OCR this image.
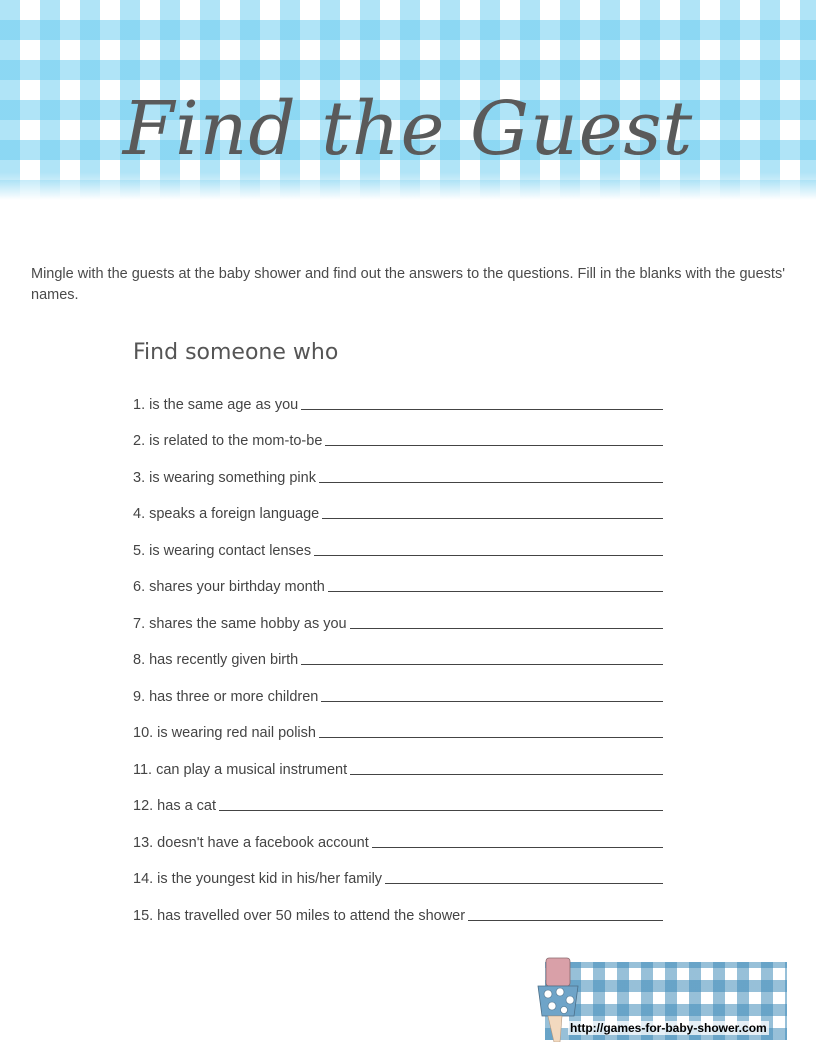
Find the Guest

Mingle with the guests at the baby shower and find out the answers to the questions. Fill in the blanks with the guests' names.

Find someone who
1. is the same age as you
2. is related to the mom-to-be
3. is wearing something pink
4. speaks a foreign language
5. is wearing contact lenses
6. shares your birthday month
7. shares the same hobby as you
8. has recently given birth
9. has three or more children
10. is wearing red nail polish
11. can play a musical instrument
12. has a cat
13. doesn't have a facebook account
14. is the youngest kid in his/her family
15. has travelled over 50 miles to attend the shower
http://games-for-baby-shower.com
